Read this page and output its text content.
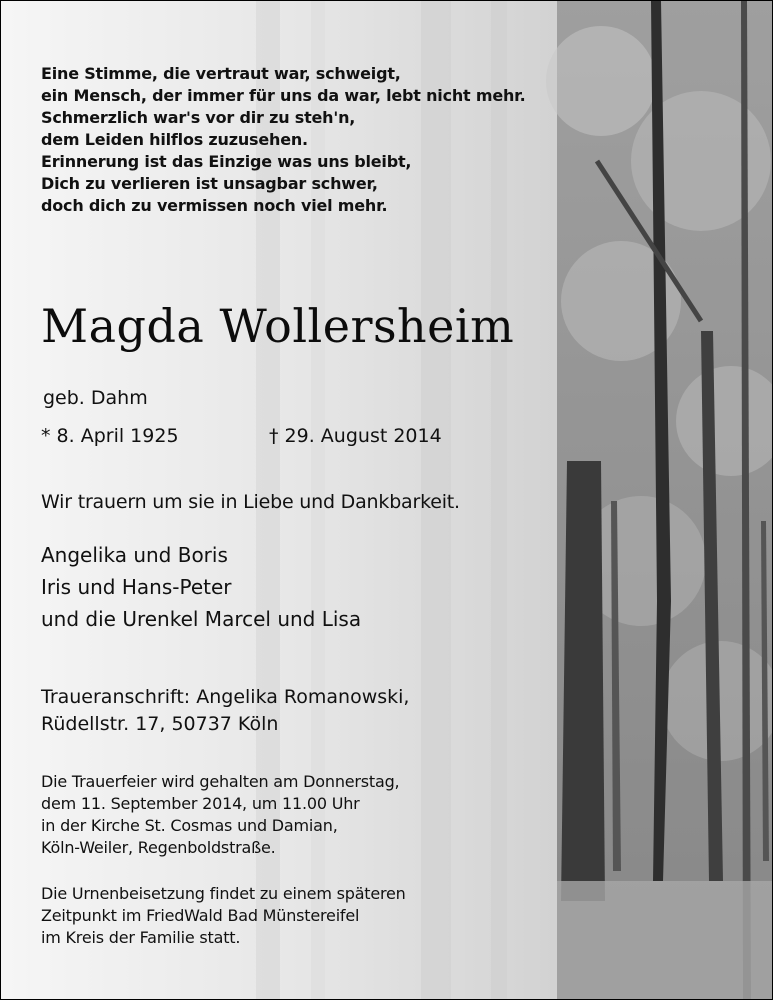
Eine Stimme, die vertraut war, schweigt,
ein Mensch, der immer für uns da war, lebt nicht mehr.
Schmerzlich war's vor dir zu steh'n,
dem Leiden hilflos zuzusehen.
Erinnerung ist das Einzige was uns bleibt,
Dich zu verlieren ist unsagbar schwer,
doch dich zu vermissen noch viel mehr.
Magda Wollersheim
geb. Dahm
* 8. April 1925	† 29. August 2014
Wir trauern um sie in Liebe und Dankbarkeit.
Angelika und Boris
Iris und Hans-Peter
und die Urenkel Marcel und Lisa
Traueranschrift: Angelika Romanowski,
Rüdellstr. 17, 50737 Köln
Die Trauerfeier wird gehalten am Donnerstag,
dem 11. September 2014, um 11.00 Uhr
in der Kirche St. Cosmas und Damian,
Köln-Weiler, Regenboldstraße.
Die Urnenbeisetzung findet zu einem späteren
Zeitpunkt im FriedWald Bad Münstereifel
im Kreis der Familie statt.
